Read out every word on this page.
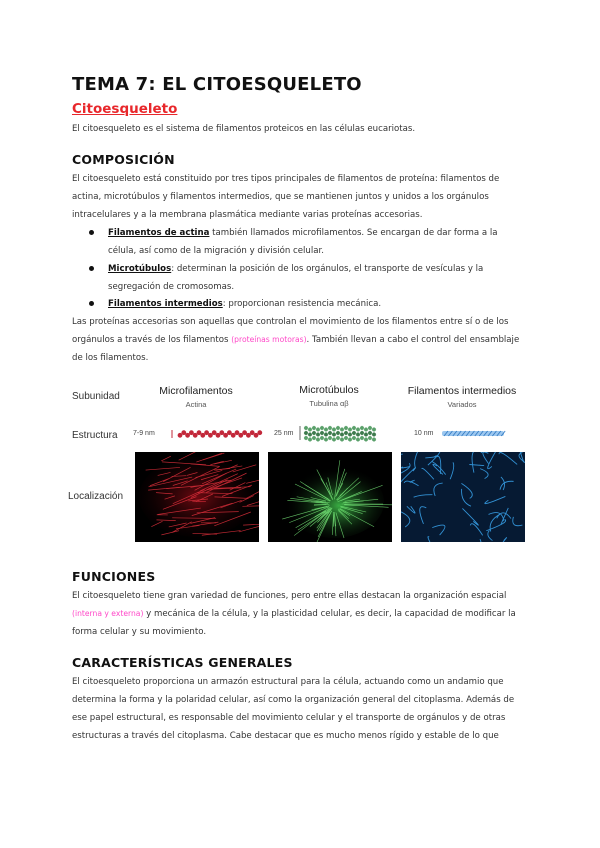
TEMA 7: EL CITOESQUELETO
Citoesqueleto
El citoesqueleto es el sistema de filamentos proteicos en las células eucariotas.
COMPOSICIÓN
El citoesqueleto está constituido por tres tipos principales de filamentos de proteína: filamentos de actina, microtúbulos y filamentos intermedios, que se mantienen juntos y unidos a los orgánulos intracelulares y a la membrana plasmática mediante varias proteínas accesorias.
Filamentos de actina también llamados microfilamentos. Se encargan de dar forma a la célula, así como de la migración y división celular.
Microtúbulos: determinan la posición de los orgánulos, el transporte de vesículas y la segregación de cromosomas.
Filamentos intermedios: proporcionan resistencia mecánica.
Las proteínas accesorias son aquellas que controlan el movimiento de los filamentos entre sí o de los orgánulos a través de los filamentos (proteínas motoras). También llevan a cabo el control del ensamblaje de los filamentos.
Subunidad
Estructura
Localización
Microfilamentos
Actina
Microtúbulos
Tubulina αβ
Filamentos intermedios
Variados
7-9 nm	25 nm	10 nm
FUNCIONES
El citoesqueleto tiene gran variedad de funciones, pero entre ellas destacan la organización espacial (interna y externa) y mecánica de la célula, y la plasticidad celular, es decir, la capacidad de modificar la forma celular y su movimiento.
CARACTERÍSTICAS GENERALES
El citoesqueleto proporciona un armazón estructural para la célula, actuando como un andamio que determina la forma y la polaridad celular, así como la organización general del citoplasma. Además de ese papel estructural, es responsable del movimiento celular y el transporte de orgánulos y de otras estructuras a través del citoplasma. Cabe destacar que es mucho menos rígido y estable de lo que
